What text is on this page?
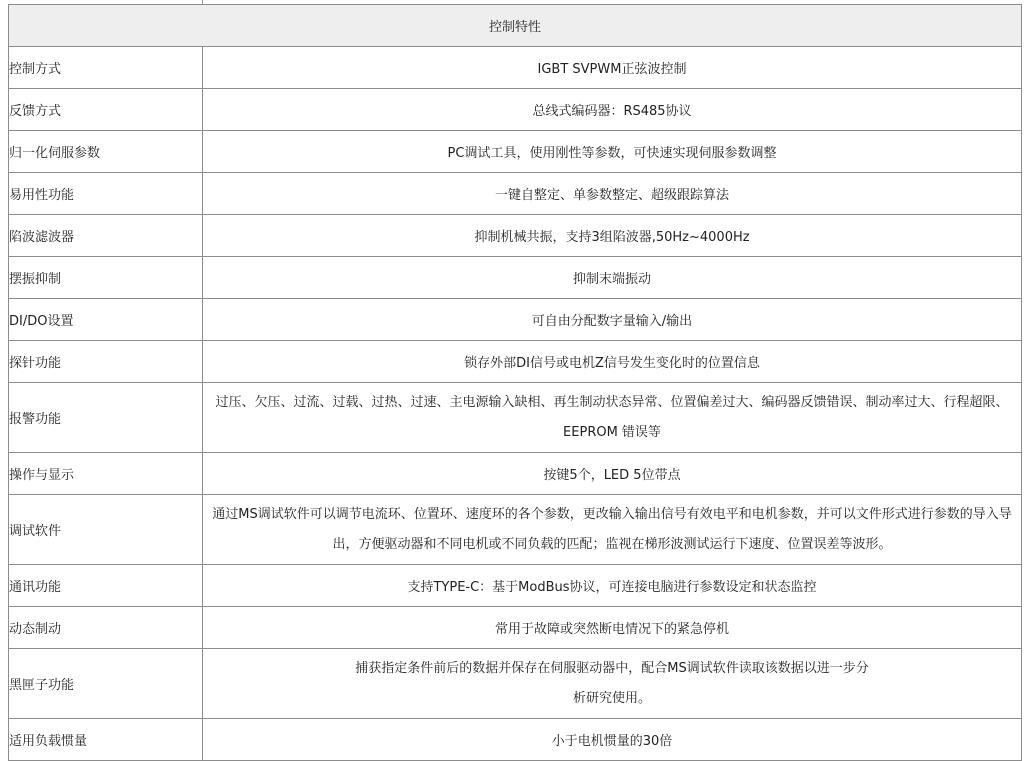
控制特性	
控制方式	IGBT SVPWM正弦波控制
反馈方式	总线式编码器：RS485协议
归一化伺服参数	PC调试工具，使用刚性等参数，可快速实现伺服参数调整
易用性功能	一键自整定、单参数整定、超级跟踪算法
陷波滤波器	抑制机械共振，支持3组陷波器,50Hz~4000Hz
摆振抑制	抑制末端振动
DI/DO设置	可自由分配数字量输入/输出
探针功能	锁存外部DI信号或电机Z信号发生变化时的位置信息
报警功能	过压、欠压、过流、过载、过热、过速、主电源输入缺相、再生制动状态异常、位置偏差过大、编码器反馈错误、制动率过大、行程超限、EEPROM 错误等
操作与显示	按键5个，LED 5位带点
调试软件	通过MS调试软件可以调节电流环、位置环、速度环的各个参数，更改输入输出信号有效电平和电机参数，并可以文件形式进行参数的导入导出，方便驱动器和不同电机或不同负载的匹配；监视在梯形波测试运行下速度、位置误差等波形。
通讯功能	支持TYPE-C：基于ModBus协议，可连接电脑进行参数设定和状态监控
动态制动	常用于故障或突然断电情况下的紧急停机
黑匣子功能	捕获指定条件前后的数据并保存在伺服驱动器中，配合MS调试软件读取该数据以进一步分析研究使用。
适用负载惯量	小于电机惯量的30倍
